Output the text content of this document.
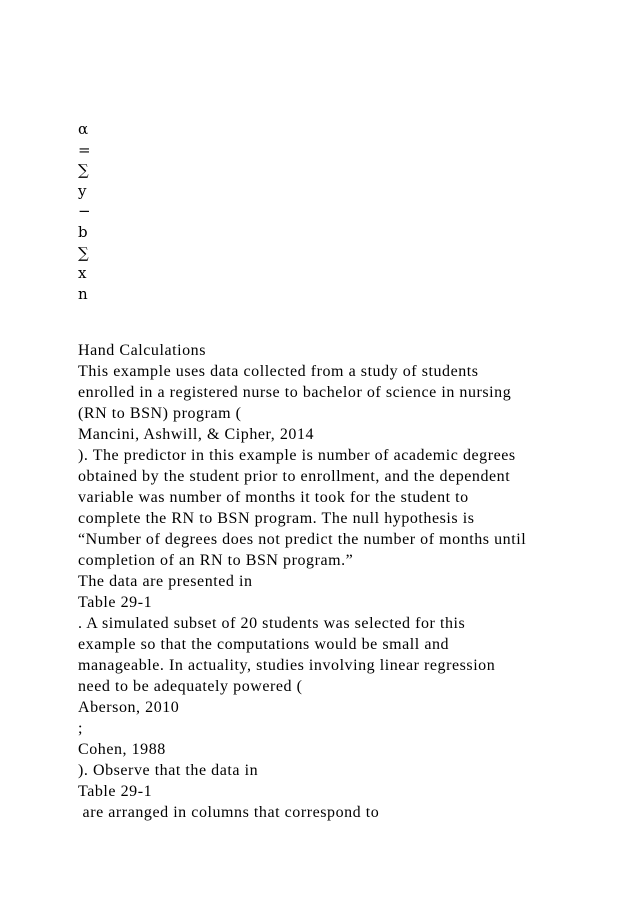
α
=
∑
y
−
b
∑
x
n
Hand Calculations
This example uses data collected from a study of students
enrolled in a registered nurse to bachelor of science in nursing
(RN to BSN) program (
Mancini, Ashwill, & Cipher, 2014
). The predictor in this example is number of academic degrees
obtained by the student prior to enrollment, and the dependent
variable was number of months it took for the student to
complete the RN to BSN program. The null hypothesis is
“Number of degrees does not predict the number of months until
completion of an RN to BSN program.”
The data are presented in
Table 29-1
. A simulated subset of 20 students was selected for this
example so that the computations would be small and
manageable. In actuality, studies involving linear regression
need to be adequately powered (
Aberson, 2010
;
Cohen, 1988
). Observe that the data in
Table 29-1
are arranged in columns that correspond to
